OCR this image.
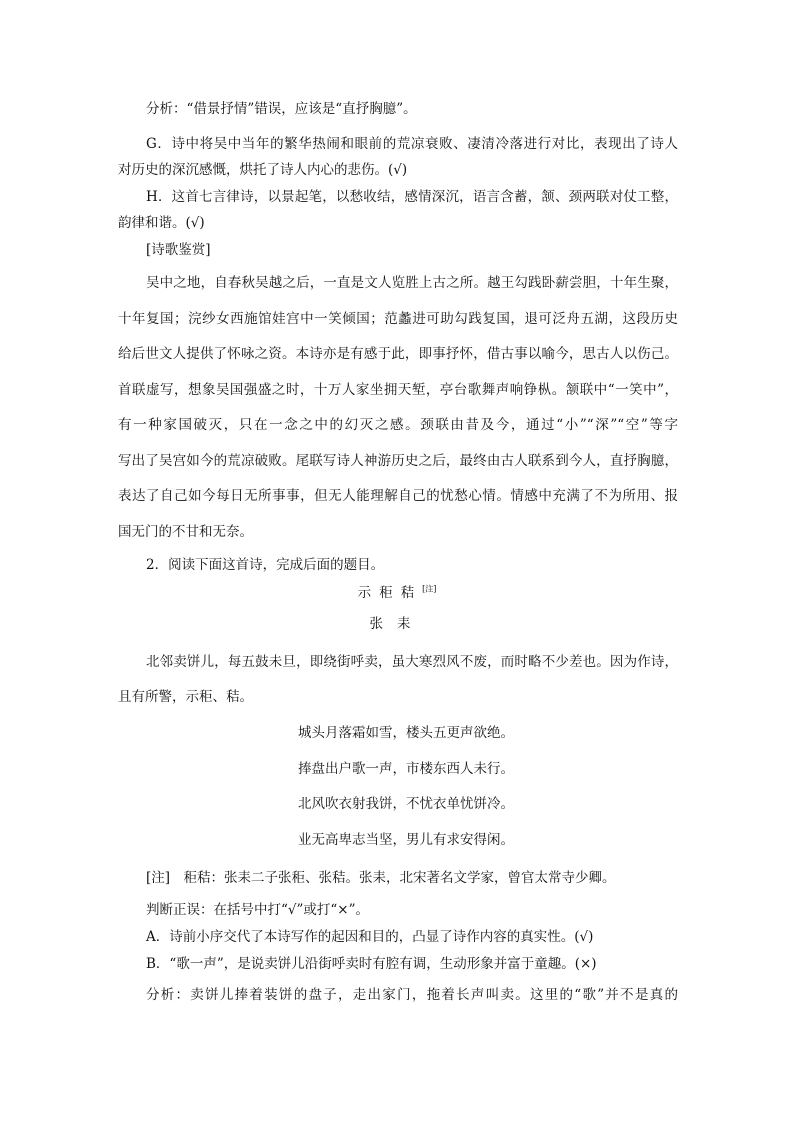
分析：“借景抒情”错误，应该是“直抒胸臆”。
G．诗中将吴中当年的繁华热闹和眼前的荒凉衰败、凄清冷落进行对比，表现出了诗人
对历史的深沉感慨，烘托了诗人内心的悲伤。(√)
H．这首七言律诗，以景起笔，以愁收结，感情深沉，语言含蓄，颔、颈两联对仗工整，
韵律和谐。(√)
[诗歌鉴赏]
吴中之地，自春秋吴越之后，一直是文人览胜上古之所。越王勾践卧薪尝胆，十年生聚，
十年复国；浣纱女西施馆娃宫中一笑倾国；范蠡进可助勾践复国，退可泛舟五湖，这段历史
给后世文人提供了怀咏之资。本诗亦是有感于此，即事抒怀，借古事以喻今，思古人以伤己。
首联虚写，想象吴国强盛之时，十万人家坐拥天堑，亭台歌舞声响铮枞。颔联中“一笑中”，
有一种家国破灭，只在一念之中的幻灭之感。颈联由昔及今，通过“小”“深”“空”等字
写出了吴宫如今的荒凉破败。尾联写诗人神游历史之后，最终由古人联系到今人，直抒胸臆，
表达了自己如今每日无所事事，但无人能理解自己的忧愁心情。情感中充满了不为所用、报
国无门的不甘和无奈。
2．阅读下面这首诗，完成后面的题目。
示秬秸[注]
张耒
北邻卖饼儿，每五鼓未旦，即绕街呼卖，虽大寒烈风不废，而时略不少差也。因为作诗，
且有所警，示秬、秸。
城头月落霜如雪，楼头五更声欲绝。
捧盘出户歌一声，市楼东西人未行。
北风吹衣射我饼，不忧衣单忧饼冷。
业无高卑志当坚，男儿有求安得闲。
[注]　秬秸：张耒二子张秬、张秸。张耒，北宋著名文学家，曾官太常寺少卿。
判断正误：在括号中打“√”或打“×”。
A．诗前小序交代了本诗写作的起因和目的，凸显了诗作内容的真实性。(√)
B．“歌一声”，是说卖饼儿沿街呼卖时有腔有调，生动形象并富于童趣。(×)
分析：卖饼儿捧着装饼的盘子，走出家门，拖着长声叫卖。这里的“歌”并不是真的
